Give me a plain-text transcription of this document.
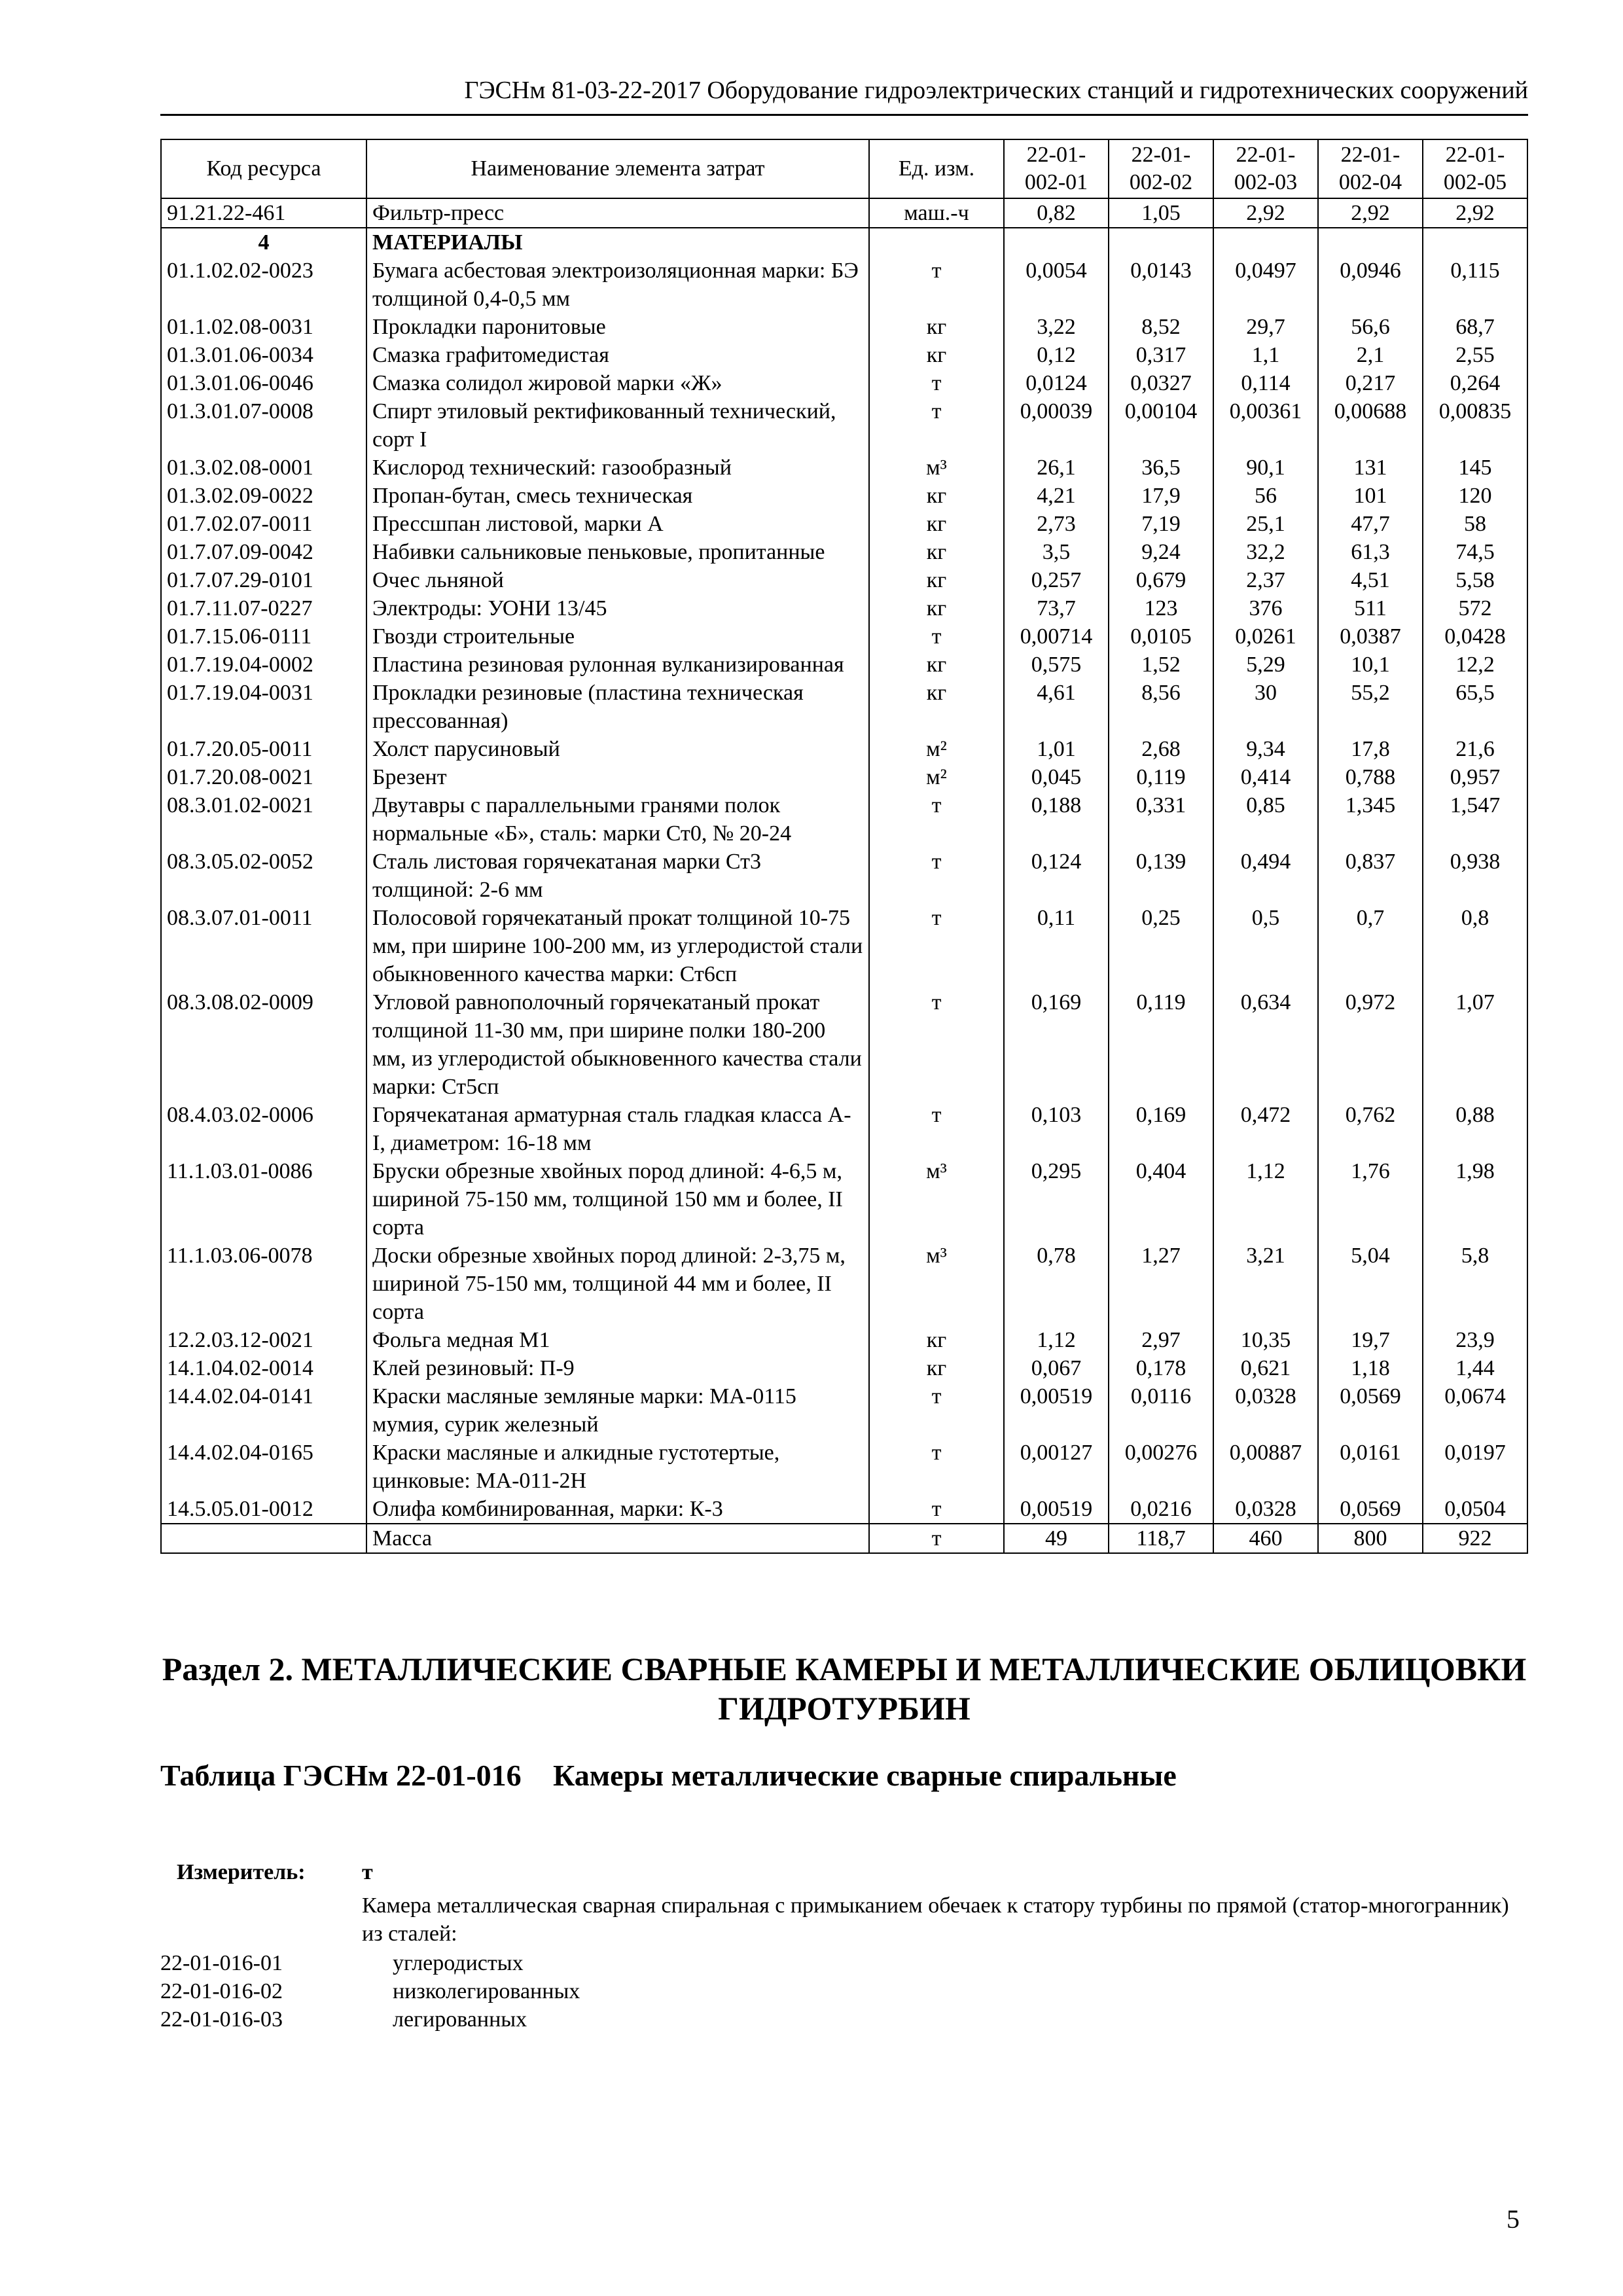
ГЭСНм 81-03-22-2017 Оборудование гидроэлектрических станций и гидротехнических сооружений
Код ресурса	Наименование элемента затрат	Ед. изм.	22-01-002-01	22-01-002-02	22-01-002-03	22-01-002-04	22-01-002-05
91.21.22-461	Фильтр-пресс	маш.-ч	0,82	1,05	2,92	2,92	2,92
4	МАТЕРИАЛЫ						
01.1.02.02-0023	Бумага асбестовая электроизоляционная марки: БЭ толщиной 0,4-0,5 мм	т	0,0054	0,0143	0,0497	0,0946	0,115
01.1.02.08-0031	Прокладки паронитовые	кг	3,22	8,52	29,7	56,6	68,7
01.3.01.06-0034	Смазка графитомедистая	кг	0,12	0,317	1,1	2,1	2,55
01.3.01.06-0046	Смазка солидол жировой марки «Ж»	т	0,0124	0,0327	0,114	0,217	0,264
01.3.01.07-0008	Спирт этиловый ректификованный технический, сорт I	т	0,00039	0,00104	0,00361	0,00688	0,00835
01.3.02.08-0001	Кислород технический: газообразный	м³	26,1	36,5	90,1	131	145
01.3.02.09-0022	Пропан-бутан, смесь техническая	кг	4,21	17,9	56	101	120
01.7.02.07-0011	Прессшпан листовой, марки А	кг	2,73	7,19	25,1	47,7	58
01.7.07.09-0042	Набивки сальниковые пеньковые, пропитанные	кг	3,5	9,24	32,2	61,3	74,5
01.7.07.29-0101	Очес льняной	кг	0,257	0,679	2,37	4,51	5,58
01.7.11.07-0227	Электроды: УОНИ 13/45	кг	73,7	123	376	511	572
01.7.15.06-0111	Гвозди строительные	т	0,00714	0,0105	0,0261	0,0387	0,0428
01.7.19.04-0002	Пластина резиновая рулонная вулканизированная	кг	0,575	1,52	5,29	10,1	12,2
01.7.19.04-0031	Прокладки резиновые (пластина техническая прессованная)	кг	4,61	8,56	30	55,2	65,5
01.7.20.05-0011	Холст парусиновый	м²	1,01	2,68	9,34	17,8	21,6
01.7.20.08-0021	Брезент	м²	0,045	0,119	0,414	0,788	0,957
08.3.01.02-0021	Двутавры с параллельными гранями полок нормальные «Б», сталь: марки Ст0, № 20-24	т	0,188	0,331	0,85	1,345	1,547
08.3.05.02-0052	Сталь листовая горячекатаная марки Ст3 толщиной: 2-6 мм	т	0,124	0,139	0,494	0,837	0,938
08.3.07.01-0011	Полосовой горячекатаный прокат толщиной 10-75 мм, при ширине 100-200 мм, из углеродистой стали обыкновенного качества марки: Ст6сп	т	0,11	0,25	0,5	0,7	0,8
08.3.08.02-0009	Угловой равнополочный горячекатаный прокат толщиной 11-30 мм, при ширине полки 180-200 мм, из углеродистой обыкновенного качества стали марки: Ст5сп	т	0,169	0,119	0,634	0,972	1,07
08.4.03.02-0006	Горячекатаная арматурная сталь гладкая класса A-I, диаметром: 16-18 мм	т	0,103	0,169	0,472	0,762	0,88
11.1.03.01-0086	Бруски обрезные хвойных пород длиной: 4-6,5 м, шириной 75-150 мм, толщиной 150 мм и более, II сорта	м³	0,295	0,404	1,12	1,76	1,98
11.1.03.06-0078	Доски обрезные хвойных пород длиной: 2-3,75 м, шириной 75-150 мм, толщиной 44 мм и более, II сорта	м³	0,78	1,27	3,21	5,04	5,8
12.2.03.12-0021	Фольга медная М1	кг	1,12	2,97	10,35	19,7	23,9
14.1.04.02-0014	Клей резиновый: П-9	кг	0,067	0,178	0,621	1,18	1,44
14.4.02.04-0141	Краски масляные земляные марки: МА-0115 мумия, сурик железный	т	0,00519	0,0116	0,0328	0,0569	0,0674
14.4.02.04-0165	Краски масляные и алкидные густотертые, цинковые: МА-011-2Н	т	0,00127	0,00276	0,00887	0,0161	0,0197
14.5.05.01-0012	Олифа комбинированная, марки: К-3	т	0,00519	0,0216	0,0328	0,0569	0,0504
	Масса	т	49	118,7	460	800	922
Раздел 2. МЕТАЛЛИЧЕСКИЕ СВАРНЫЕ КАМЕРЫ И МЕТАЛЛИЧЕСКИЕ ОБЛИЦОВКИ ГИДРОТУРБИН
Таблица ГЭСНм 22-01-016 Камеры металлические сварные спиральные
Измеритель:	т
Камера металлическая сварная спиральная с примыканием обечаек к статору турбины по прямой (статор-многогранник) из сталей:
22-01-016-01	углеродистых
22-01-016-02	низколегированных
22-01-016-03	легированных
5
